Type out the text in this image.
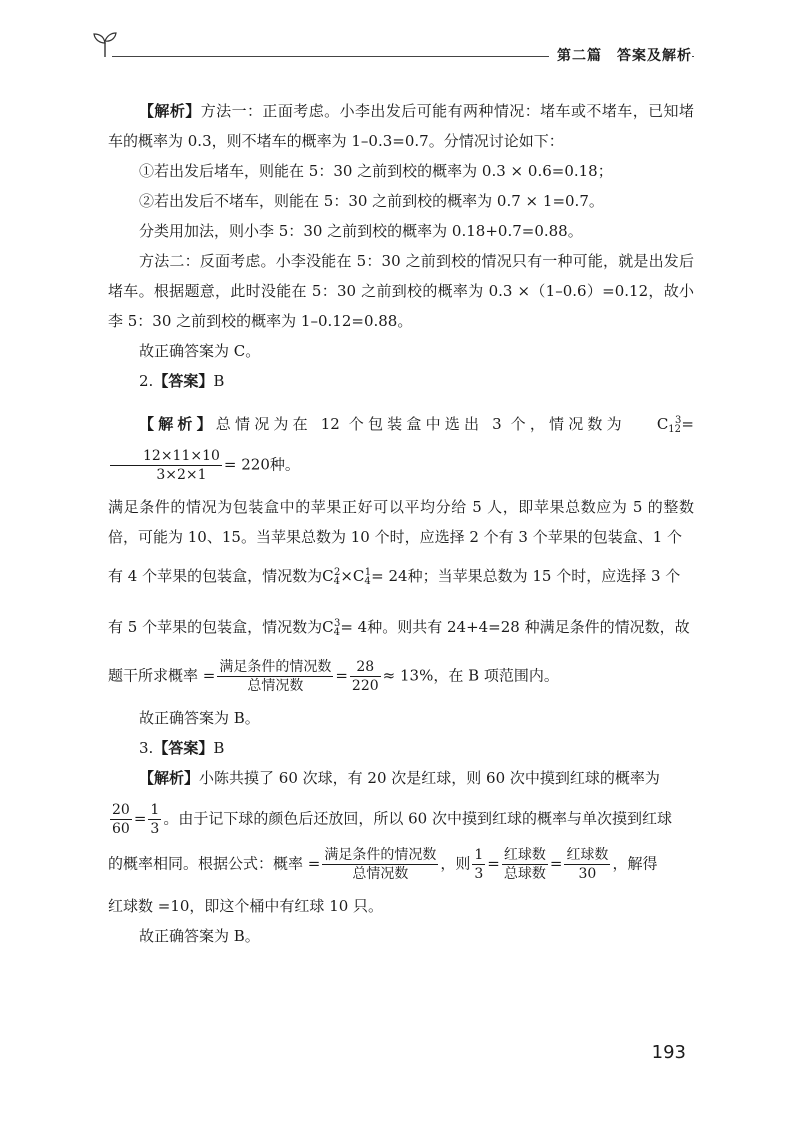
第二篇　答案及解析

【解析】方法一：正面考虑。小李出发后可能有两种情况：堵车或不堵车，已知堵车的概率为 0.3，则不堵车的概率为 1–0.3=0.7。分情况讨论如下：

①若出发后堵车，则能在 5：30 之前到校的概率为 0.3 × 0.6=0.18；

②若出发后不堵车，则能在 5：30 之前到校的概率为 0.7 × 1=0.7。

分类用加法，则小李 5：30 之前到校的概率为 0.18+0.7=0.88。

方法二：反面考虑。小李没能在 5：30 之前到校的情况只有一种可能，就是出发后堵车。根据题意，此时没能在 5：30 之前到校的概率为 0.3 ×（1–0.6）=0.12，故小李 5：30 之前到校的概率为 1–0.12=0.88。

故正确答案为 C。

2.【答案】B

【解析】总情况为在 12 个包装盒中选出 3 个，情况数为 $C_{12}^3=$
$\frac{12\times 11\times 10}{3\times 2\times 1} = 220$种。

满足条件的情况为包装盒中的苹果正好可以平均分给 5 人，即苹果总数应为 5 的整数倍，可能为 10、15。当苹果总数为 10 个时，应选择 2 个有 3 个苹果的包装盒、1 个

有 4 个苹果的包装盒，情况数为$C_4^2\times C_4^1= 24$种；当苹果总数为 15 个时，应选择 3 个

有 5 个苹果的包装盒，情况数为$C_4^3= 4$种。则共有 24+4=28 种满足条件的情况数，故

题干所求概率 = $\frac{\text{满足条件的情况数}}{\text{总情况数}} = \frac{28}{220} \approx 13\%$，在 B 项范围内。

故正确答案为 B。

3.【答案】B

【解析】小陈共摸了 60 次球，有 20 次是红球，则 60 次中摸到红球的概率为

$\frac{20}{60} = \frac{1}{3}$ 。由于记下球的颜色后还放回，所以 60 次中摸到红球的概率与单次摸到红球

的概率相同。根据公式：概率 = $\frac{\text{满足条件的情况数}}{\text{总情况数}}$ ，则 $\frac{1}{3} = \frac{\text{红球数}}{\text{总球数}} = \frac{\text{红球数}}{30}$ ，解得

红球数 =10，即这个桶中有红球 10 只。

故正确答案为 B。

193
